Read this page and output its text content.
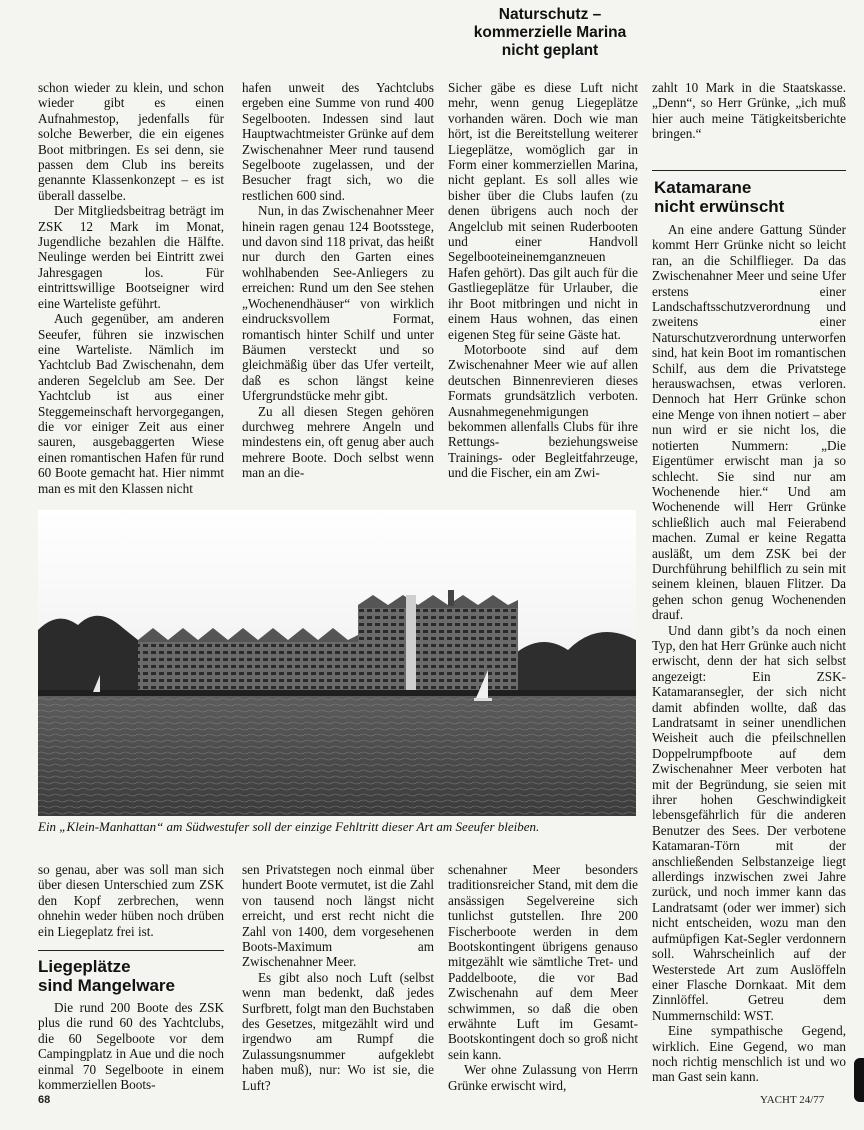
Naturschutz –
kommerzielle Marina
nicht geplant

schon wieder zu klein, und schon wieder gibt es einen Aufnahmestop, jedenfalls für solche Bewerber, die ein eigenes Boot mitbringen. Es sei denn, sie passen dem Club ins bereits genannte Klassenkonzept – es ist überall dasselbe.

Der Mitgliedsbeitrag beträgt im ZSK 12 Mark im Monat, Jugendliche bezahlen die Hälfte. Neulinge werden bei Eintritt zwei Jahresgagen los. Für eintrittswillige Bootseigner wird eine Warteliste geführt.

Auch gegenüber, am anderen Seeufer, führen sie inzwischen eine Warteliste. Nämlich im Yachtclub Bad Zwischenahn, dem anderen Segelclub am See. Der Yachtclub ist aus einer Steggemeinschaft hervorgegangen, die vor einiger Zeit aus einer sauren, ausgebaggerten Wiese einen romantischen Hafen für rund 60 Boote gemacht hat. Hier nimmt man es mit den Klassen nicht

hafen unweit des Yachtclubs ergeben eine Summe von rund 400 Segelbooten. Indessen sind laut Hauptwachtmeister Grünke auf dem Zwischenahner Meer rund tausend Segelboote zugelassen, und der Besucher fragt sich, wo die restlichen 600 sind.

Nun, in das Zwischenahner Meer hinein ragen genau 124 Bootsstege, und davon sind 118 privat, das heißt nur durch den Garten eines wohlhabenden See-Anliegers zu erreichen: Rund um den See stehen „Wochenendhäuser“ von wirklich eindrucksvollem Format, romantisch hinter Schilf und unter Bäumen versteckt und so gleichmäßig über das Ufer verteilt, daß es schon längst keine Ufergrundstücke mehr gibt.

Zu all diesen Stegen gehören durchweg mehrere Angeln und mindestens ein, oft genug aber auch mehrere Boote. Doch selbst wenn man an die-

Sicher gäbe es diese Luft nicht mehr, wenn genug Liegeplätze vorhanden wären. Doch wie man hört, ist die Bereitstellung weiterer Liegeplätze, womöglich gar in Form einer kommerziellen Marina, nicht geplant. Es soll alles wie bisher über die Clubs laufen (zu denen übrigens auch noch der Angelclub mit seinen Ruderbooten und einer Handvoll Segelbooteineinemganzneuen Hafen gehört). Das gilt auch für die Gastliegeplätze für Urlauber, die ihr Boot mitbringen und nicht in einem Haus wohnen, das einen eigenen Steg für seine Gäste hat.

Motorboote sind auf dem Zwischenahner Meer wie auf allen deutschen Binnenrevieren dieses Formats grundsätzlich verboten. Ausnahmegenehmigungen bekommen allenfalls Clubs für ihre Rettungs- beziehungsweise Trainings- oder Begleitfahrzeuge, und die Fischer, ein am Zwi-

zahlt 10 Mark in die Staatskasse. „Denn“, so Herr Grünke, „ich muß hier auch meine Tätigkeitsberichte bringen.“

Katamarane
nicht erwünscht

An eine andere Gattung Sünder kommt Herr Grünke nicht so leicht ran, an die Schilflieger. Da das Zwischenahner Meer und seine Ufer erstens einer Landschaftsschutzverordnung und zweitens einer Naturschutzverordnung unterworfen sind, hat kein Boot im romantischen Schilf, aus dem die Privatstege herauswachsen, etwas verloren. Dennoch hat Herr Grünke schon eine Menge von ihnen notiert – aber nun wird er sie nicht los, die notierten Nummern: „Die Eigentümer erwischt man ja so schlecht. Sie sind nur am Wochenende hier.“ Und am Wochenende will Herr Grünke schließlich auch mal Feierabend machen. Zumal er keine Regatta ausläßt, um dem ZSK bei der Durchführung behilflich zu sein mit seinem kleinen, blauen Flitzer. Da gehen schon genug Wochenenden drauf.

Und dann gibt’s da noch einen Typ, den hat Herr Grünke auch nicht erwischt, denn der hat sich selbst angezeigt: Ein ZSK-Katamaransegler, der sich nicht damit abfinden wollte, daß das Landratsamt in seiner unendlichen Weisheit auch die pfeilschnellen Doppelrumpfboote auf dem Zwischenahner Meer verboten hat mit der Begründung, sie seien mit ihrer hohen Geschwindigkeit lebensgefährlich für die anderen Benutzer des Sees. Der verbotene Katamaran-Törn mit der anschließenden Selbstanzeige liegt allerdings inzwischen zwei Jahre zurück, und noch immer kann das Landratsamt (oder wer immer) sich nicht entscheiden, wozu man den aufmüpfigen Kat-Segler verdonnern soll. Wahrscheinlich auf der Westerstede Art zum Auslöffeln einer Flasche Dornkaat. Mit dem Zinnlöffel. Getreu dem Nummernschild: WST.

Eine sympathische Gegend, wirklich. Eine Gegend, wo man noch richtig menschlich ist und wo man Gast sein kann.

Ein „Klein-Manhattan“ am Südwestufer soll der einzige Fehltritt dieser Art am Seeufer bleiben.

so genau, aber was soll man sich über diesen Unterschied zum ZSK den Kopf zerbrechen, wenn ohnehin weder hüben noch drüben ein Liegeplatz frei ist.

Liegeplätze
sind Mangelware

Die rund 200 Boote des ZSK plus die rund 60 des Yachtclubs, die 60 Segelboote vor dem Campingplatz in Aue und die noch einmal 70 Segelboote in einem kommerziellen Boots-

sen Privatstegen noch einmal über hundert Boote vermutet, ist die Zahl von tausend noch längst nicht erreicht, und erst recht nicht die Zahl von 1400, dem vorgesehenen Boots-Maximum am Zwischenahner Meer.

Es gibt also noch Luft (selbst wenn man bedenkt, daß jedes Surfbrett, folgt man den Buchstaben des Gesetzes, mitgezählt wird und irgendwo am Rumpf die Zulassungsnummer aufgeklebt haben muß), nur: Wo ist sie, die Luft?

schenahner Meer besonders traditionsreicher Stand, mit dem die ansässigen Segelvereine sich tunlichst gutstellen. Ihre 200 Fischerboote werden in dem Bootskontingent übrigens genauso mitgezählt wie sämtliche Tret- und Paddelboote, die vor Bad Zwischenahn auf dem Meer schwimmen, so daß die oben erwähnte Luft im Gesamt-Bootskontingent doch so groß nicht sein kann.

Wer ohne Zulassung von Herrn Grünke erwischt wird,

68	YACHT 24/77
